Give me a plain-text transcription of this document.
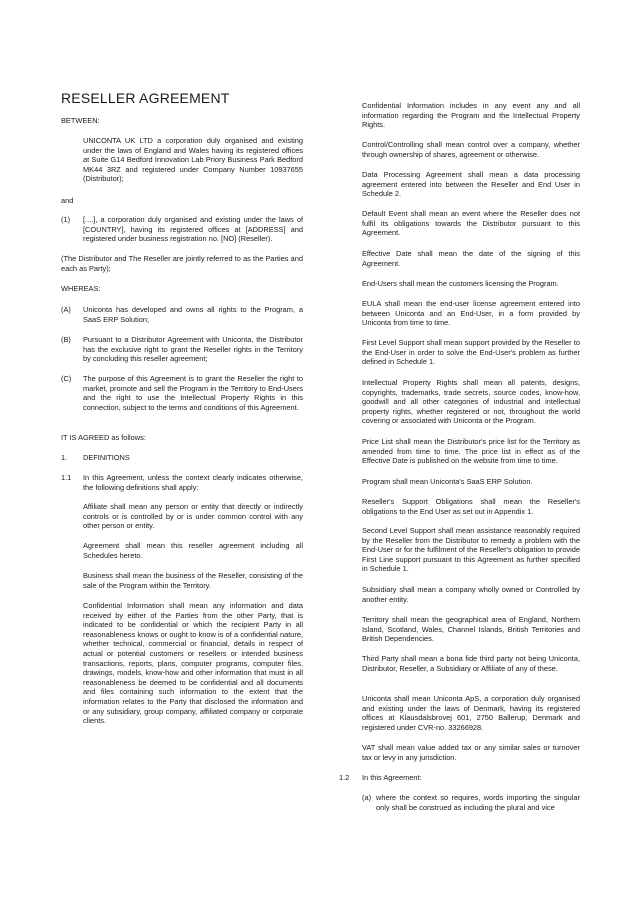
RESELLER AGREEMENT

BETWEEN:

UNICONTA UK LTD a corporation duly organised and existing under the laws of England and Wales having its registered offices at Suite G14 Bedford Innovation Lab Priory Business Park Bedford MK44 3RZ and registered under Company Number 10937655 (Distributor);

and

(1) [....], a corporation duly organised and existing under the laws of [COUNTRY], having its registered offices at [ADDRESS] and registered under business registration no. [NO] (Reseller).

(The Distributor and The Reseller are jointly referred to as the Parties and each as Party);

WHEREAS:

(A) Uniconta has developed and owns all rights to the Program, a SaaS ERP Solution;

(B) Pursuant to a Distributor Agreement with Uniconta, the Distributor has the exclusive right to grant the Reseller rights in the Territory by concluding this reseller agreement;

(C) The purpose of this Agreement is to grant the Reseller the right to market, promote and sell the Program in the Territory to End-Users and the right to use the Intellectual Property Rights in this connection, subject to the terms and conditions of this Agreement.

IT IS AGREED as follows:

1. DEFINITIONS

1.1 In this Agreement, unless the context clearly indicates otherwise, the following definitions shall apply:

Affiliate shall mean any person or entity that directly or indirectly controls or is controlled by or is under common control with any other person or entity.

Agreement shall mean this reseller agreement including all Schedules hereto.

Business shall mean the business of the Reseller, consisting of the sale of the Program within the Territory.

Confidential Information shall mean any information and data received by either of the Parties from the other Party, that is indicated to be confidential or which the recipient Party in all reasonableness knows or ought to know is of a confidential nature, whether technical, commercial or financial, details in respect of actual or potential customers or resellers or intended business transactions, reports, plans, computer programs, computer files, drawings, models, know-how and other information that must in all reasonableness be deemed to be confidential and all documents and files containing such information to the extent that the information relates to the Party that disclosed the information and or any subsidiary, group company, affiliated company or corporate clients.

Confidential Information includes in any event any and all information regarding the Program and the Intellectual Property Rights.

Control/Controlling shall mean control over a company, whether through ownership of shares, agreement or otherwise.

Data Processing Agreement shall mean a data processing agreement entered into between the Reseller and End User in Schedule 2.

Default Event shall mean an event where the Reseller does not fulfil its obligations towards the Distributor pursuant to this Agreement.

Effective Date shall mean the date of the signing of this Agreement.

End-Users shall mean the customers licensing the Program.

EULA shall mean the end-user license agreement entered into between Uniconta and an End-User, in a form provided by Uniconta from time to time.

First Level Support shall mean support provided by the Reseller to the End-User in order to solve the End-User's problem as further defined in Schedule 1.

Intellectual Property Rights shall mean all patents, designs, copyrights, trademarks, trade secrets, source codes, know-how, goodwill and all other categories of industrial and intellectual property rights, whether registered or not, throughout the world covering or associated with Uniconta or the Program.

Price List shall mean the Distributor's price list for the Territory as amended from time to time. The price list in effect as of the Effective Date is published on the website from time to time.

Program shall mean Uniconta's SaaS ERP Solution.

Reseller's Support Obligations shall mean the Reseller's obligations to the End User as set out in Appendix 1.

Second Level Support shall mean assistance reasonably required by the Reseller from the Distributor to remedy a problem with the End-User or for the fulfilment of the Reseller's obligation to provide First Line support pursuant to this Agreement as further specified in Schedule 1.

Subsidiary shall mean a company wholly owned or Controlled by another entity.

Territory shall mean the geographical area of England, Northern Island, Scotland, Wales, Channel Islands, British Territories and British Dependencies.

Third Party shall mean a bona fide third party not being Uniconta, Distributor, Reseller, a Subsidiary or Affiliate of any of these.

Uniconta shall mean Uniconta ApS, a corporation duly organised and existing under the laws of Denmark, having its registered offices at Klausdalsbrovej 601, 2750 Ballerup, Denmark and registered under CVR-no. 33266928.

VAT shall mean value added tax or any similar sales or turnover tax or levy in any jurisdiction.

1.2 In this Agreement:

(a) where the context so requires, words importing the singular only shall be construed as including the plural and vice
